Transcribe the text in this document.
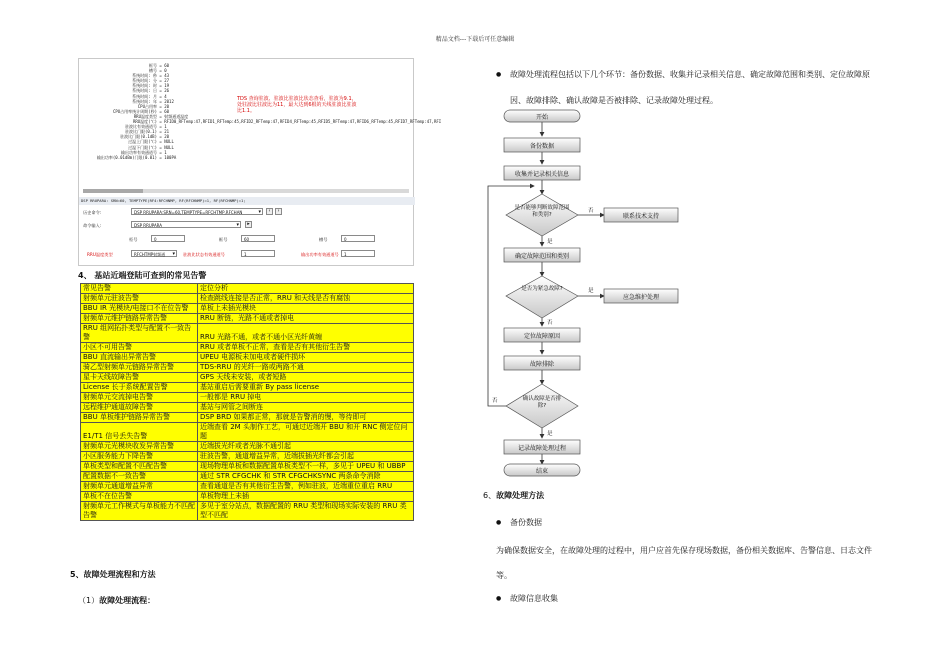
精品文档---下载后可任意编辑
框号 = 60
槽号 = 0
系统时间: 秒 = 43
系统时间: 分 = 27
系统时间: 时 = 19
系统时间: 日 = 26
系统时间: 月 = 4
系统时间: 年 = 2012
CPU占用率 = 20
CPU占用率统计周期(秒) = 60
RRU温度类型 = 射频通道温度
RRU温度(℃) = RFID0_RFTemp:47,RFID1_RFTemp:45,RFID2_RFTemp:47,RFID4_RFTemp:45,RFID5_RFTemp:47,RFID6_RFTemp:45,RFID7_RFTemp:47,RFI
驻波比有效通道号 = 1
驻波比门限(0.1) = 21
驻波比门限(0.1dB) = 20
过温上门限(℃) = NULL
过温下门限(℃) = NULL
输出功率有效通道号 = 1
输出功率(0.01dBm)门限(0.01) = 100PA
TDS 查询驻波、驻波比驻波比状态查看，驻波为9.1，处驻波比驻波比为11，最大达到6根的天线驻波比驻波比1.1。
DSP RRUPARA: SRN=60, TEMPTYPE(RF4:RFCHNMP, RF(RFCHNMP)=1, RF(RFCHNMP)=1;
历史命令:	DSP RRUPARA:SRN=60,TEMPTYPE=RFCHTMP,RFCHAN ▾	‹	›
命令输入:	DSP RRUPARA ▾	▸
柜号	0	框号	60	槽号	0
RRU温度类型	RFCHTMP射频通 ▾	驻波比状态有效通道号	1	输出功率有效通道号	1
4、 基站近端登陆可查到的常见告警
常见告警	定位分析
射频单元驻波告警	检查跳线连接是否正常，RRU 和天线是否有腐蚀
BBU IR 光模块/电接口不在位告警	单板上未插光模块
射频单元维护链路异常告警	RRU 断链，光路不通或者掉电
RRU 组网拓扑类型与配置不一致告警	RRU 光路不通，或者不通小区光纤黄缠
小区不可用告警	RRU 或者单板不正常，查看是否有其他衍生告警
BBU 直流输出异常告警	UPEU 电源板未加电或者硬件损坏
骑乙型射频单元链路异常告警	TDS-RRU 的光纤一路或两路不通
星卡天线故障告警	GPS 天线未安装，或者短路
License 长于系统配置告警	基站重启后需要重新 By pass license
射频单元交流掉电告警	一般都是 RRU 掉电
远程维护通道故障告警	基站与网管之间断连
BBU 单板维护链路异常告警	DSP BRD 如果都正常，那就是告警消的慢，等待即可
E1/T1 信号丢失告警	近端查看 2M 头制作工艺，可通过近端开 BBU 和开 RNC 侧定位问题
射频单元光模块收发异常告警	近端拔光纤或者光脉不通引起
小区服务能力下降告警	驻波告警，通道增益异常，近端拔插光纤都会引起
单板类型和配置不匹配告警	现场物理单板和数据配置单板类型不一样，多见于 UPEU 和 UBBP
配置数据不一致告警	通过 STR CFGCHK 和 STR CFGCHKSYNC 两条命令消除
射频单元通道增益异常	查看通道是否有其他衍生告警，例如驻波，近端重位重启 RRU
单板不在位告警	单板物理上未插
射频单元工作模式与单板能力不匹配告警	多见于室分站点，数据配置的 RRU 类型和现场实际安装的 RRU 类型不匹配
5、故障处理流程和方法
（1）故障处理流程：
● 故障处理流程包括以下几个环节：备份数据、收集并记录相关信息、确定故障范围和类别、定位故障原因、故障排除、确认故障是否被排除、记录故障处理过程。
开始
备份数据
收集并记录相关信息
是否能够判断故障范围和类别?
否
联系技术支持
是
确定故障范围和类别
是否为紧急故障?	是
应急维护处理
否
定位故障原因
故障排除
确认故障是否排除?
否
是
记录故障处理过程
结束
6、故障处理方法
● 备份数据
为确保数据安全，在故障处理的过程中，用户应首先保存现场数据，备份相关数据库、告警信息、日志文件等。
● 故障信息收集
